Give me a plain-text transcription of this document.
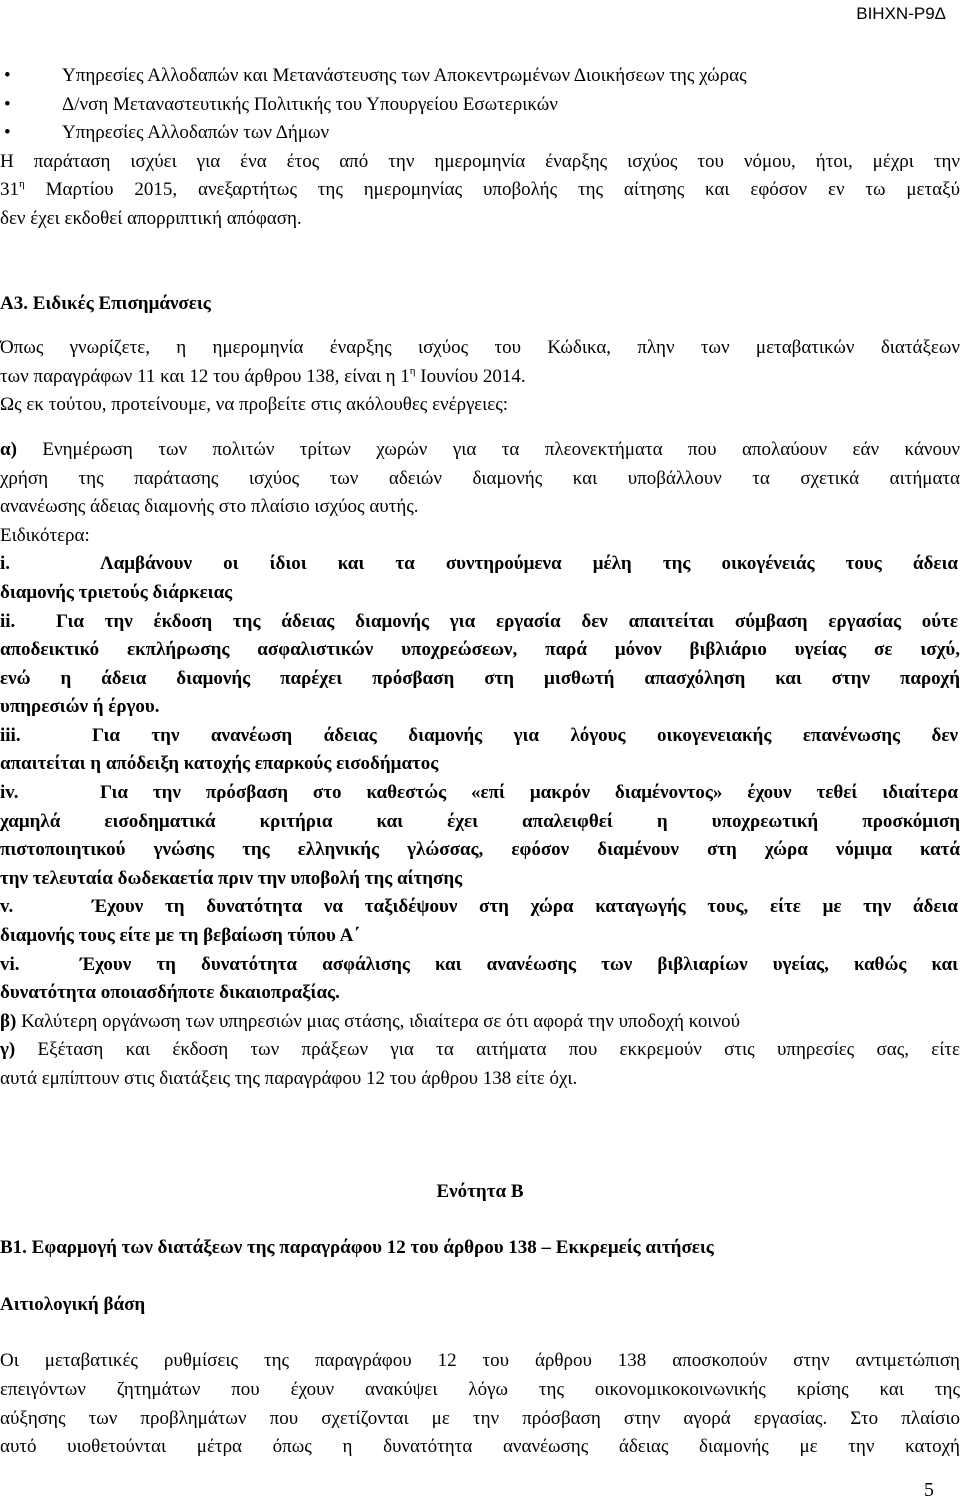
ΒΙΗΧΝ-Ρ9Δ
•	Υπηρεσίες Αλλοδαπών και Μετανάστευσης των Αποκεντρωμένων Διοικήσεων της χώρας
•	Δ/νση Μεταναστευτικής Πολιτικής του Υπουργείου Εσωτερικών
•	Υπηρεσίες Αλλοδαπών των Δήμων
Η παράταση ισχύει για ένα έτος από την ημερομηνία έναρξης ισχύος του νόμου, ήτοι, μέχρι την
$31^\eta$ Μαρτίου 2015, ανεξαρτήτως της ημερομηνίας υποβολής της αίτησης και εφόσον εν τω μεταξύ
δεν έχει εκδοθεί απορριπτική απόφαση.
Α3. Ειδικές Επισημάνσεις
Όπως γνωρίζετε, η ημερομηνία έναρξης ισχύος του Κώδικα, πλην των μεταβατικών διατάξεων
των παραγράφων 11 και 12 του άρθρου 138, είναι η $1^\eta$ Ιουνίου 2014.
Ως εκ τούτου, προτείνουμε, να προβείτε στις ακόλουθες ενέργειες:
α) Ενημέρωση των πολιτών τρίτων χωρών για τα πλεονεκτήματα που απολαύουν εάν κάνουν
χρήση της παράτασης ισχύος των αδειών διαμονής και υποβάλλουν τα σχετικά αιτήματα
ανανέωσης άδειας διαμονής στο πλαίσιο ισχύος αυτής.
Ειδικότερα:
i.	Λαμβάνουν οι ίδιοι και τα συντηρούμενα μέλη της οικογένειάς τους άδεια
διαμονής τριετούς διάρκειας
ii. Για την έκδοση της άδειας διαμονής για εργασία δεν απαιτείται σύμβαση εργασίας ούτε
αποδεικτικό εκπλήρωσης ασφαλιστικών υποχρεώσεων, παρά μόνον βιβλιάριο υγείας σε ισχύ,
ενώ η άδεια διαμονής παρέχει πρόσβαση στη μισθωτή απασχόληση και στην παροχή
υπηρεσιών ή έργου.
iii.	Για την ανανέωση άδειας διαμονής για λόγους οικογενειακής επανένωσης δεν
απαιτείται η απόδειξη κατοχής επαρκούς εισοδήματος
iv.	Για την πρόσβαση στο καθεστώς «επί μακρόν διαμένοντος» έχουν τεθεί ιδιαίτερα
χαμηλά εισοδηματικά κριτήρια και έχει απαλειφθεί η υποχρεωτική προσκόμιση
πιστοποιητικού γνώσης της ελληνικής γλώσσας, εφόσον διαμένουν στη χώρα νόμιμα κατά
την τελευταία δωδεκαετία πριν την υποβολή της αίτησης
v.	Έχουν τη δυνατότητα να ταξιδέψουν στη χώρα καταγωγής τους, είτε με την άδεια
διαμονής τους είτε με τη βεβαίωση τύπου Α΄
vi.	Έχουν τη δυνατότητα ασφάλισης και ανανέωσης των βιβλιαρίων υγείας, καθώς και
δυνατότητα οποιασδήποτε δικαιοπραξίας.
β) Καλύτερη οργάνωση των υπηρεσιών μιας στάσης, ιδιαίτερα σε ότι αφορά την υποδοχή κοινού
γ) Εξέταση και έκδοση των πράξεων για τα αιτήματα που εκκρεμούν στις υπηρεσίες σας, είτε
αυτά εμπίπτουν στις διατάξεις της παραγράφου 12 του άρθρου 138 είτε όχι.
Ενότητα Β
Β1. Εφαρμογή των διατάξεων της παραγράφου 12 του άρθρου 138 – Εκκρεμείς αιτήσεις
Αιτιολογική βάση
Οι μεταβατικές ρυθμίσεις της παραγράφου 12 του άρθρου 138 αποσκοπούν στην αντιμετώπιση
επειγόντων ζητημάτων που έχουν ανακύψει λόγω της οικονομικοκοινωνικής κρίσης και της
αύξησης των προβλημάτων που σχετίζονται με την πρόσβαση στην αγορά εργασίας. Στο πλαίσιο
αυτό υιοθετούνται μέτρα όπως η δυνατότητα ανανέωσης άδειας διαμονής με την κατοχή
5
